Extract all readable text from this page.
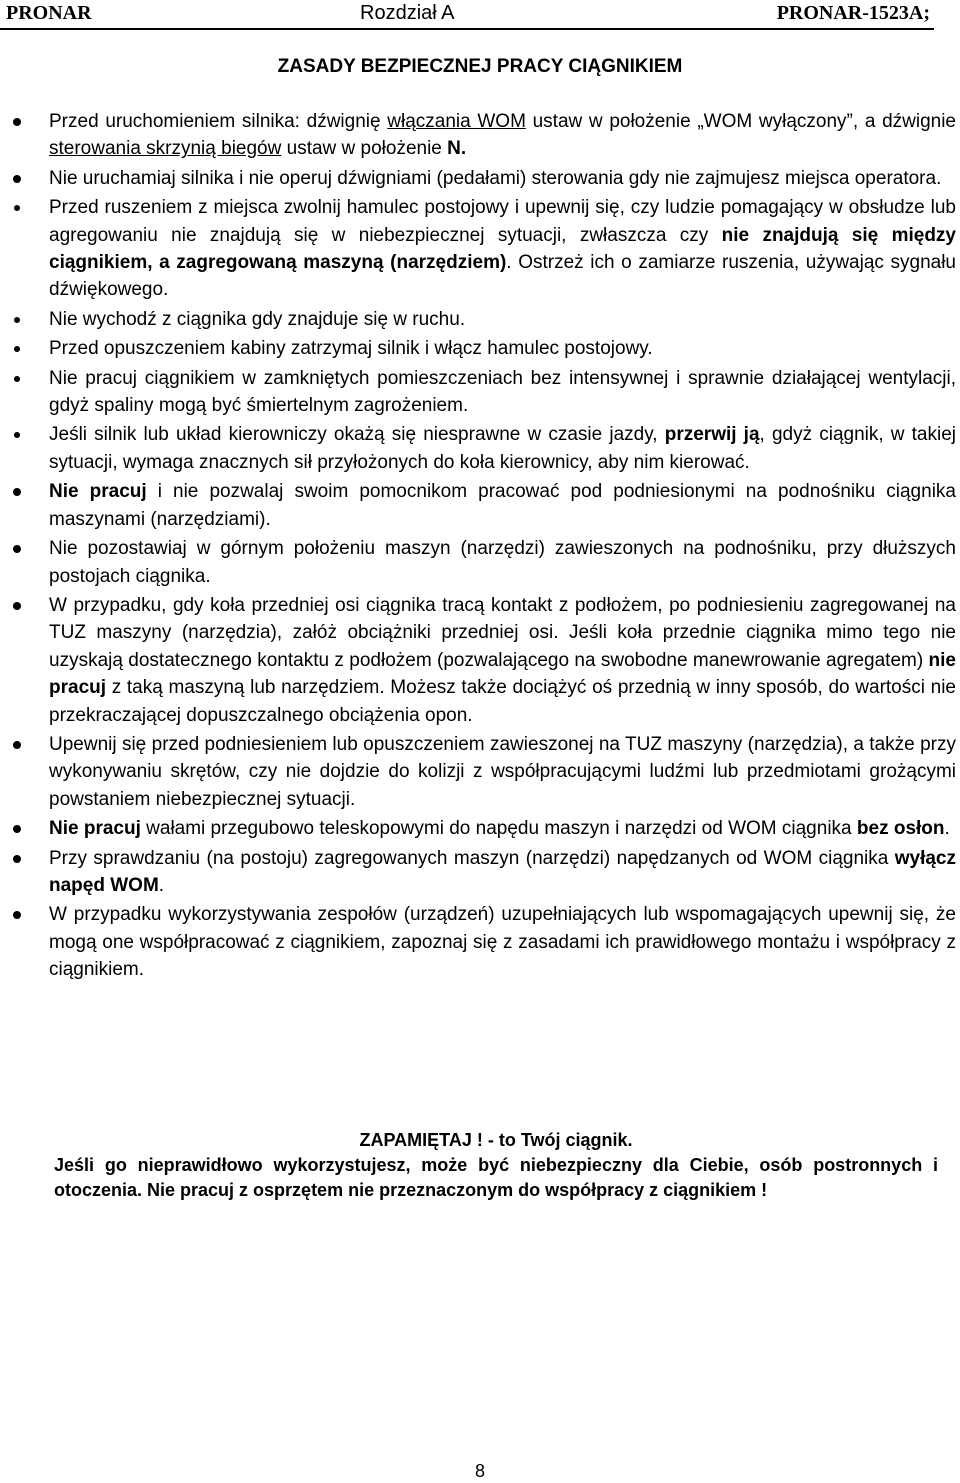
PRONAR	Rozdział A	PRONAR-1523A;
ZASADY BEZPIECZNEJ PRACY CIĄGNIKIEM
Przed uruchomieniem silnika: dźwignię włączania WOM ustaw w położenie „WOM wyłączony”, a dźwignie sterowania skrzynią biegów ustaw w położenie N.
Nie uruchamiaj silnika i nie operuj dźwigniami (pedałami) sterowania gdy nie zajmujesz miejsca operatora.
Przed ruszeniem z miejsca zwolnij hamulec postojowy i upewnij się, czy ludzie pomagający w obsłudze lub agregowaniu nie znajdują się w niebezpiecznej sytuacji, zwłaszcza czy nie znajdują się między ciągnikiem, a zagregowaną maszyną (narzędziem). Ostrzeż ich o zamiarze ruszenia, używając sygnału dźwiękowego.
Nie wychodź z ciągnika gdy znajduje się w ruchu.
Przed opuszczeniem kabiny zatrzymaj silnik i włącz hamulec postojowy.
Nie pracuj ciągnikiem w zamkniętych pomieszczeniach bez intensywnej i sprawnie działającej wentylacji, gdyż spaliny mogą być śmiertelnym zagrożeniem.
Jeśli silnik lub układ kierowniczy okażą się niesprawne w czasie jazdy, przerwij ją, gdyż ciągnik, w takiej sytuacji, wymaga znacznych sił przyłożonych do koła kierownicy, aby nim kierować.
Nie pracuj i nie pozwalaj swoim pomocnikom pracować pod podniesionymi na podnośniku ciągnika maszynami (narzędziami).
Nie pozostawiaj w górnym położeniu maszyn (narzędzi) zawieszonych na podnośniku, przy dłuższych postojach ciągnika.
W przypadku, gdy koła przedniej osi ciągnika tracą kontakt z podłożem, po podniesieniu zagregowanej na TUZ maszyny (narzędzia), załóż obciążniki przedniej osi. Jeśli koła przednie ciągnika mimo tego nie uzyskają dostatecznego kontaktu z podłożem (pozwalającego na swobodne manewrowanie agregatem) nie pracuj z taką maszyną lub narzędziem. Możesz także dociążyć oś przednią w inny sposób, do wartości nie przekraczającej dopuszczalnego obciążenia opon.
Upewnij się przed podniesieniem lub opuszczeniem zawieszonej na TUZ maszyny (narzędzia), a także przy wykonywaniu skrętów, czy nie dojdzie do kolizji z współpracującymi ludźmi lub przedmiotami grożącymi powstaniem niebezpiecznej sytuacji.
Nie pracuj wałami przegubowo teleskopowymi do napędu maszyn i narzędzi od WOM ciągnika bez osłon.
Przy sprawdzaniu (na postoju) zagregowanych maszyn (narzędzi) napędzanych od WOM ciągnika wyłącz napęd WOM.
W przypadku wykorzystywania zespołów (urządzeń) uzupełniających lub wspomagających upewnij się, że mogą one współpracować z ciągnikiem, zapoznaj się z zasadami ich prawidłowego montażu i współpracy z ciągnikiem.
ZAPAMIĘTAJ ! - to Twój ciągnik.
Jeśli go nieprawidłowo wykorzystujesz, może być niebezpieczny dla Ciebie, osób postronnych i otoczenia. Nie pracuj z osprzętem nie przeznaczonym do współpracy z ciągnikiem !
8
